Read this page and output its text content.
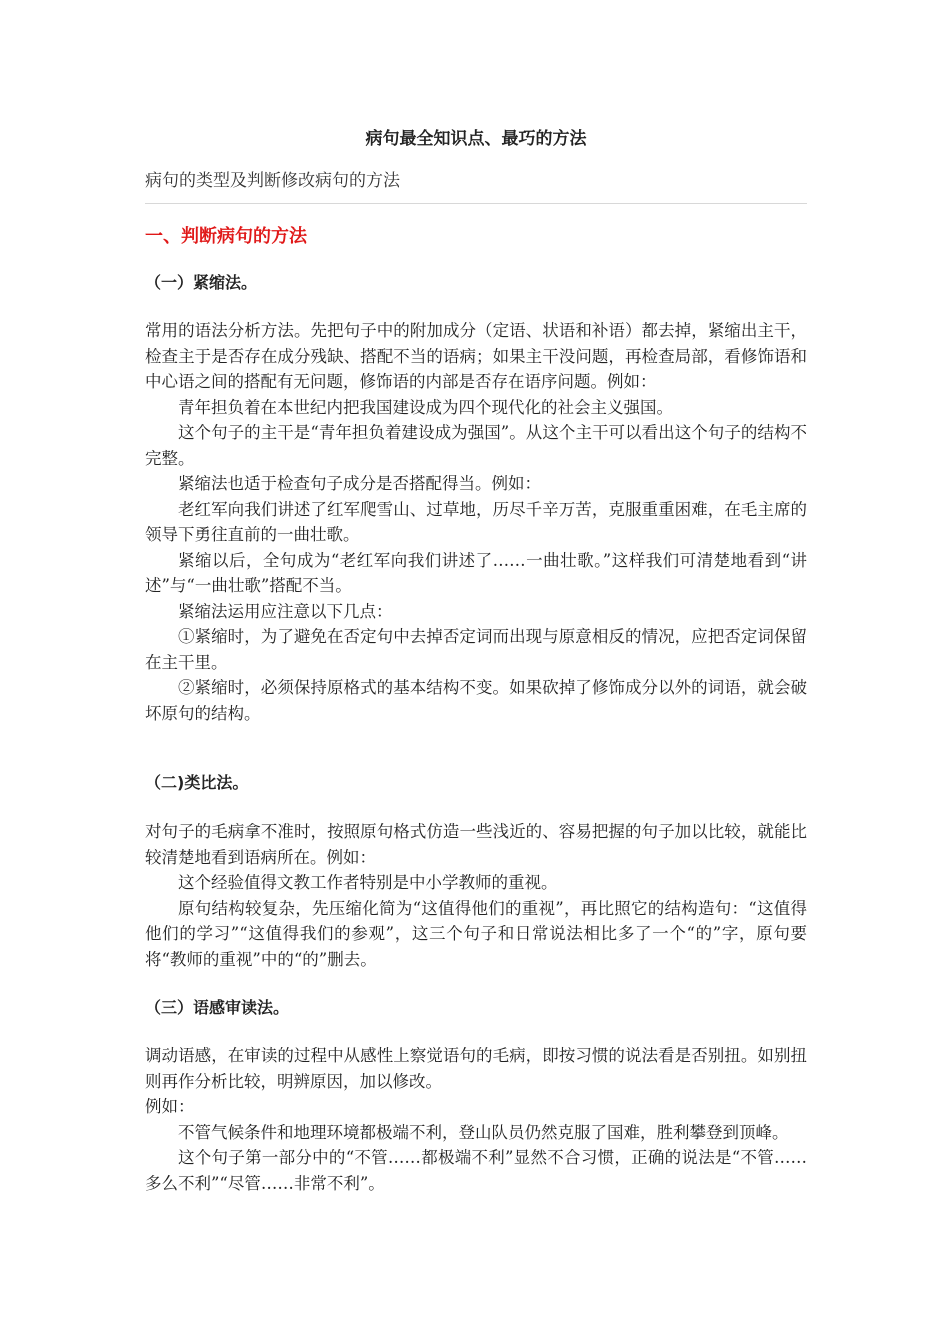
病句最全知识点、最巧的方法
病句的类型及判断修改病句的方法
一、判断病句的方法
（一）紧缩法。

常用的语法分析方法。先把句子中的附加成分（定语、状语和补语）都去掉，紧缩出主干，检查主于是否存在成分残缺、搭配不当的语病；如果主干没问题，再检查局部，看修饰语和中心语之间的搭配有无问题，修饰语的内部是否存在语序问题。例如：

青年担负着在本世纪内把我国建设成为四个现代化的社会主义强国。

这个句子的主干是“青年担负着建设成为强国”。从这个主干可以看出这个句子的结构不完整。

紧缩法也适于检查句子成分是否搭配得当。例如：

老红军向我们讲述了红军爬雪山、过草地，历尽千辛万苦，克服重重困难，在毛主席的领导下勇往直前的一曲壮歌。

紧缩以后，全句成为“老红军向我们讲述了……一曲壮歌。”这样我们可清楚地看到“讲述”与“一曲壮歌”搭配不当。

紧缩法运用应注意以下几点：

①紧缩时，为了避免在否定句中去掉否定词而出现与原意相反的情况，应把否定词保留在主干里。

②紧缩时，必须保持原格式的基本结构不变。如果砍掉了修饰成分以外的词语，就会破坏原句的结构。

（二)类比法。

对句子的毛病拿不准时，按照原句格式仿造一些浅近的、容易把握的句子加以比较，就能比较清楚地看到语病所在。例如：

这个经验值得文教工作者特别是中小学教师的重视。

原句结构较复杂，先压缩化简为“这值得他们的重视”，再比照它的结构造句：“这值得他们的学习”“这值得我们的参观”，这三个句子和日常说法相比多了一个“的”字，原句要将“教师的重视”中的“的”删去。

（三）语感审读法。

调动语感，在审读的过程中从感性上察觉语句的毛病，即按习惯的说法看是否别扭。如别扭则再作分析比较，明辨原因，加以修改。

例如：

不管气候条件和地理环境都极端不利，登山队员仍然克服了国难，胜利攀登到顶峰。

这个句子第一部分中的“不管……都极端不利”显然不合习惯，正确的说法是“不管……多么不利”“尽管……非常不利”。
